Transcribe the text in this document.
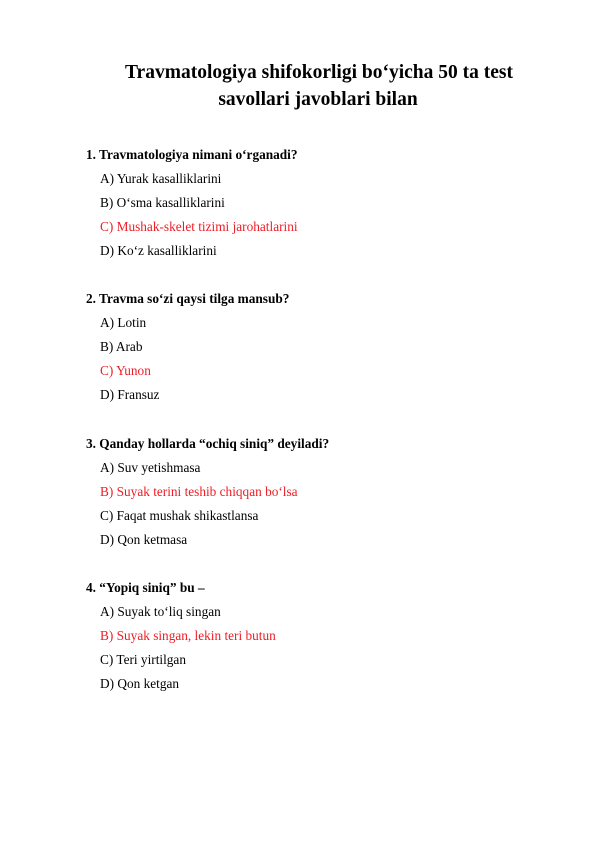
Travmatologiya shifokorligi bo‘yicha 50 ta test
savollari javoblari bilan
1. Travmatologiya nimani o‘rganadi?
A) Yurak kasalliklarini
B) O‘sma kasalliklarini
C) Mushak-skelet tizimi jarohatlarini
D) Ko‘z kasalliklarini
2. Travma so‘zi qaysi tilga mansub?
A) Lotin
B) Arab
C) Yunon
D) Fransuz
3. Qanday hollarda “ochiq siniq” deyiladi?
A) Suv yetishmasa
B) Suyak terini teshib chiqqan bo‘lsa
C) Faqat mushak shikastlansa
D) Qon ketmasa
4. “Yopiq siniq” bu –
A) Suyak to‘liq singan
B) Suyak singan, lekin teri butun
C) Teri yirtilgan
D) Qon ketgan
